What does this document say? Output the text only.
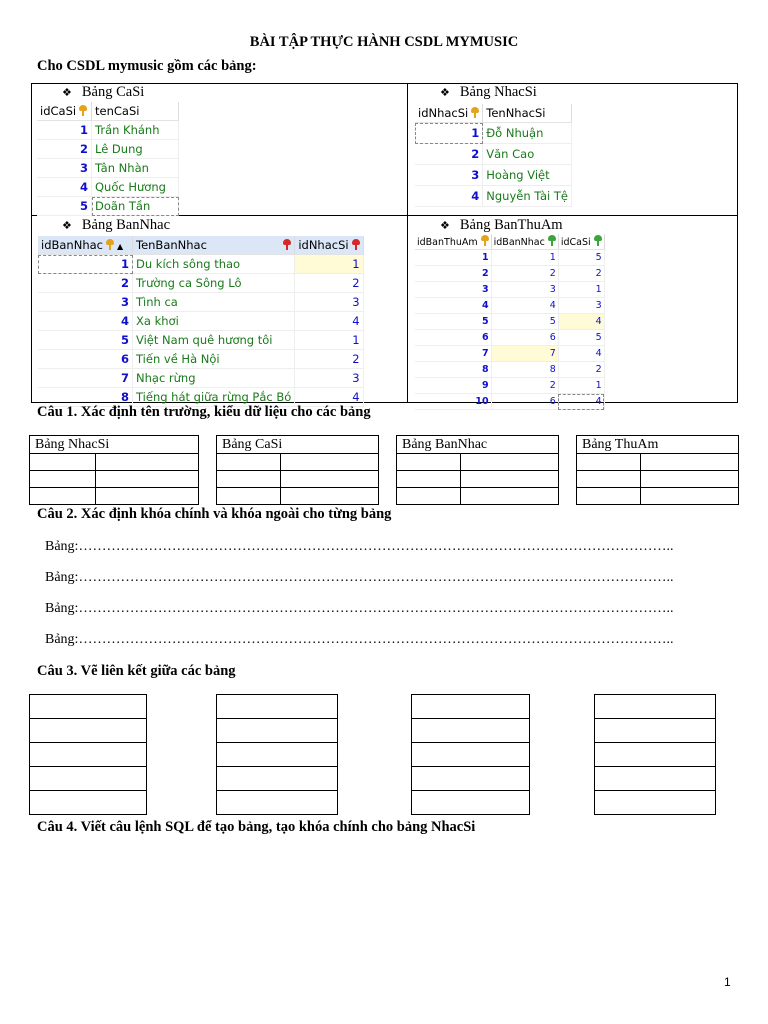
BÀI TẬP THỰC HÀNH CSDL MYMUSIC
Cho CSDL mymusic gồm các bảng:
❖ Bảng CaSi	❖ Bảng NhacSi
❖ Bảng BanNhac	❖ Bảng BanThuAm
idCaSi	tenCaSi
1	Trần Khánh
2	Lê Dung
3	Tân Nhàn
4	Quốc Hương
5	Doãn Tần
idNhacSi	TenNhacSi
1	Đỗ Nhuận
2	Văn Cao
3	Hoàng Việt
4	Nguyễn Tài Tệ
idBanNhac ▲	TenBanNhac	idNhacSi
1	Du kích sông thao	1
2	Trường ca Sông Lô	2
3	Tình ca	3
4	Xa khơi	4
5	Việt Nam quê hương tôi	1
6	Tiến về Hà Nội	2
7	Nhạc rừng	3
8	Tiếng hát giữa rừng Pắc Bó	4
idBanThuAm	idBanNhac	idCaSi
1	1	5
2	2	2
3	3	1
4	4	3
5	5	4
6	6	5
7	7	4
8	8	2
9	2	1
10	6	4
Câu 1. Xác định tên trường, kiểu dữ liệu cho các bảng
Bảng NhacSi	

		Bảng CaSi	

		Bảng BanNhac	

		Bảng ThuAm	

Câu 2. Xác định khóa chính và khóa ngoài cho từng bảng
Bảng:………………………………………………………………………………………………………………..
Bảng:………………………………………………………………………………………………………………..
Bảng:………………………………………………………………………………………………………………..
Bảng:………………………………………………………………………………………………………………..
Câu 3. Vẽ liên kết giữa các bảng

Câu 4. Viết câu lệnh SQL để tạo bảng, tạo khóa chính cho bảng NhacSi
1
